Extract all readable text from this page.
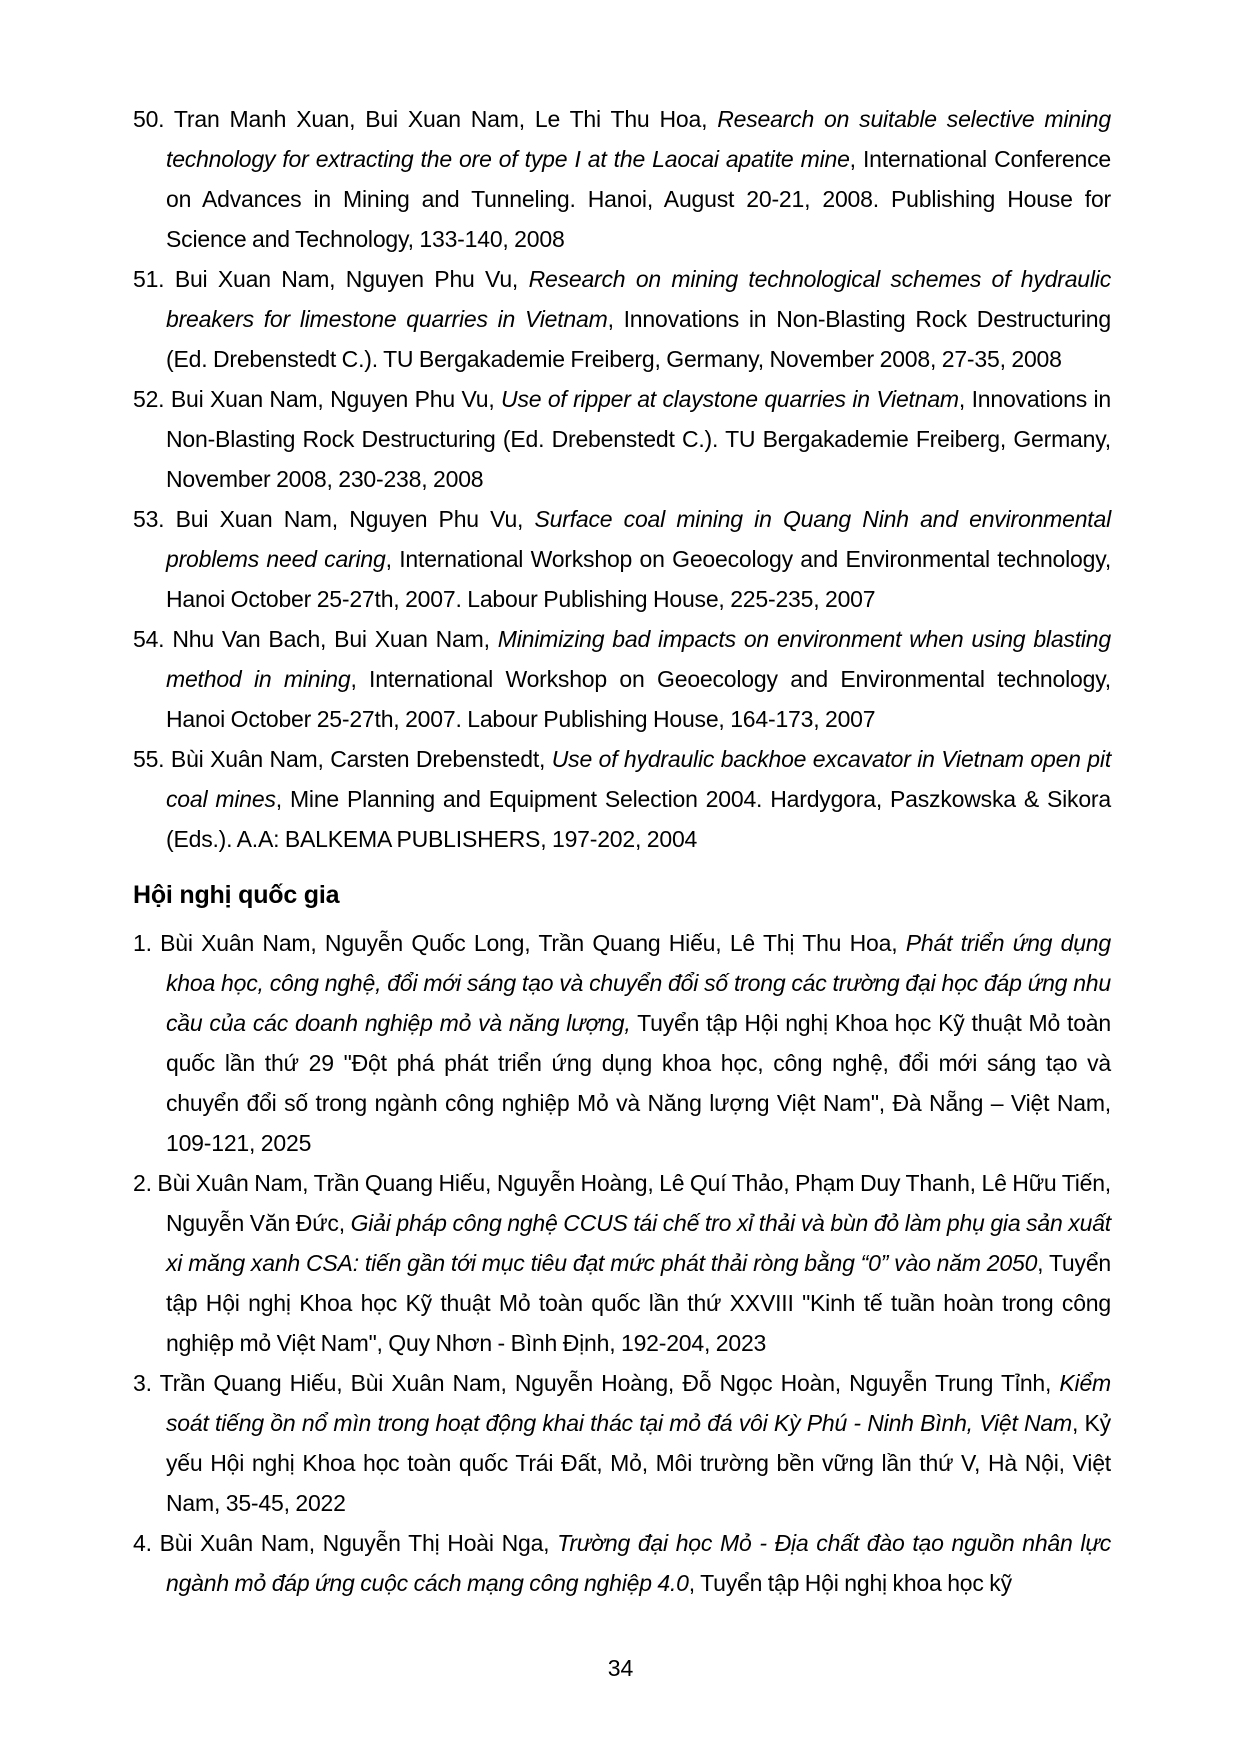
50. Tran Manh Xuan, Bui Xuan Nam, Le Thi Thu Hoa, Research on suitable selective mining technology for extracting the ore of type I at the Laocai apatite mine, International Conference on Advances in Mining and Tunneling. Hanoi, August 20-21, 2008. Publishing House for Science and Technology, 133-140, 2008

51. Bui Xuan Nam, Nguyen Phu Vu, Research on mining technological schemes of hydraulic breakers for limestone quarries in Vietnam, Innovations in Non-Blasting Rock Destructuring (Ed. Drebenstedt C.). TU Bergakademie Freiberg, Germany, November 2008, 27-35, 2008

52. Bui Xuan Nam, Nguyen Phu Vu, Use of ripper at claystone quarries in Vietnam, Innovations in Non-Blasting Rock Destructuring (Ed. Drebenstedt C.). TU Bergakademie Freiberg, Germany, November 2008, 230-238, 2008

53. Bui Xuan Nam, Nguyen Phu Vu, Surface coal mining in Quang Ninh and environmental problems need caring, International Workshop on Geoecology and Environmental technology, Hanoi October 25-27th, 2007. Labour Publishing House, 225-235, 2007

54. Nhu Van Bach, Bui Xuan Nam, Minimizing bad impacts on environment when using blasting method in mining, International Workshop on Geoecology and Environmental technology, Hanoi October 25-27th, 2007. Labour Publishing House, 164-173, 2007

55. Bùi Xuân Nam, Carsten Drebenstedt, Use of hydraulic backhoe excavator in Vietnam open pit coal mines, Mine Planning and Equipment Selection 2004. Hardygora, Paszkowska & Sikora (Eds.). A.A: BALKEMA PUBLISHERS, 197-202, 2004

Hội nghị quốc gia

1. Bùi Xuân Nam, Nguyễn Quốc Long, Trần Quang Hiếu, Lê Thị Thu Hoa, Phát triển ứng dụng khoa học, công nghệ, đổi mới sáng tạo và chuyển đổi số trong các trường đại học đáp ứng nhu cầu của các doanh nghiệp mỏ và năng lượng, Tuyển tập Hội nghị Khoa học Kỹ thuật Mỏ toàn quốc lần thứ 29 "Đột phá phát triển ứng dụng khoa học, công nghệ, đổi mới sáng tạo và chuyển đổi số trong ngành công nghiệp Mỏ và Năng lượng Việt Nam", Đà Nẵng – Việt Nam, 109-121, 2025

2. Bùi Xuân Nam, Trần Quang Hiếu, Nguyễn Hoàng, Lê Quí Thảo, Phạm Duy Thanh, Lê Hữu Tiến, Nguyễn Văn Đức, Giải pháp công nghệ CCUS tái chế tro xỉ thải và bùn đỏ làm phụ gia sản xuất xi măng xanh CSA: tiến gần tới mục tiêu đạt mức phát thải ròng bằng “0” vào năm 2050, Tuyển tập Hội nghị Khoa học Kỹ thuật Mỏ toàn quốc lần thứ XXVIII "Kinh tế tuần hoàn trong công nghiệp mỏ Việt Nam", Quy Nhơn - Bình Định, 192-204, 2023

3. Trần Quang Hiếu, Bùi Xuân Nam, Nguyễn Hoàng, Đỗ Ngọc Hoàn, Nguyễn Trung Tỉnh, Kiểm soát tiếng ồn nổ mìn trong hoạt động khai thác tại mỏ đá vôi Kỳ Phú - Ninh Bình, Việt Nam, Kỷ yếu Hội nghị Khoa học toàn quốc Trái Đất, Mỏ, Môi trường bền vững lần thứ V, Hà Nội, Việt Nam, 35-45, 2022

4. Bùi Xuân Nam, Nguyễn Thị Hoài Nga, Trường đại học Mỏ - Địa chất đào tạo nguồn nhân lực ngành mỏ đáp ứng cuộc cách mạng công nghiệp 4.0, Tuyển tập Hội nghị khoa học kỹ

34
